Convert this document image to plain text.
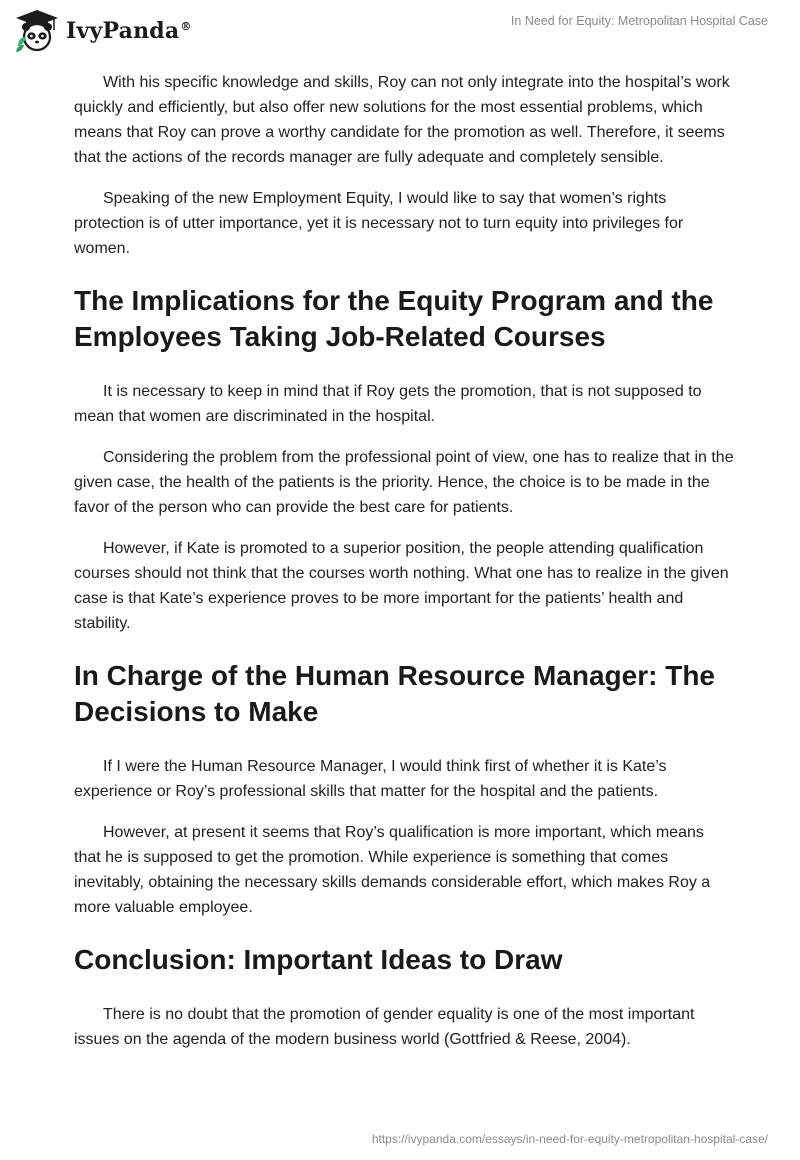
IvyPanda®	In Need for Equity: Metropolitan Hospital Case

With his specific knowledge and skills, Roy can not only integrate into the hospital’s work quickly and efficiently, but also offer new solutions for the most essential problems, which means that Roy can prove a worthy candidate for the promotion as well. Therefore, it seems that the actions of the records manager are fully adequate and completely sensible.

Speaking of the new Employment Equity, I would like to say that women’s rights protection is of utter importance, yet it is necessary not to turn equity into privileges for women.

The Implications for the Equity Program and the Employees Taking Job-Related Courses

It is necessary to keep in mind that if Roy gets the promotion, that is not supposed to mean that women are discriminated in the hospital.

Considering the problem from the professional point of view, one has to realize that in the given case, the health of the patients is the priority. Hence, the choice is to be made in the favor of the person who can provide the best care for patients.

However, if Kate is promoted to a superior position, the people attending qualification courses should not think that the courses worth nothing. What one has to realize in the given case is that Kate’s experience proves to be more important for the patients’ health and stability.

In Charge of the Human Resource Manager: The Decisions to Make

If I were the Human Resource Manager, I would think first of whether it is Kate’s experience or Roy’s professional skills that matter for the hospital and the patients.

However, at present it seems that Roy’s qualification is more important, which means that he is supposed to get the promotion. While experience is something that comes inevitably, obtaining the necessary skills demands considerable effort, which makes Roy a more valuable employee.

Conclusion: Important Ideas to Draw

There is no doubt that the promotion of gender equality is one of the most important issues on the agenda of the modern business world (Gottfried & Reese, 2004).

https://ivypanda.com/essays/in-need-for-equity-metropolitan-hospital-case/
